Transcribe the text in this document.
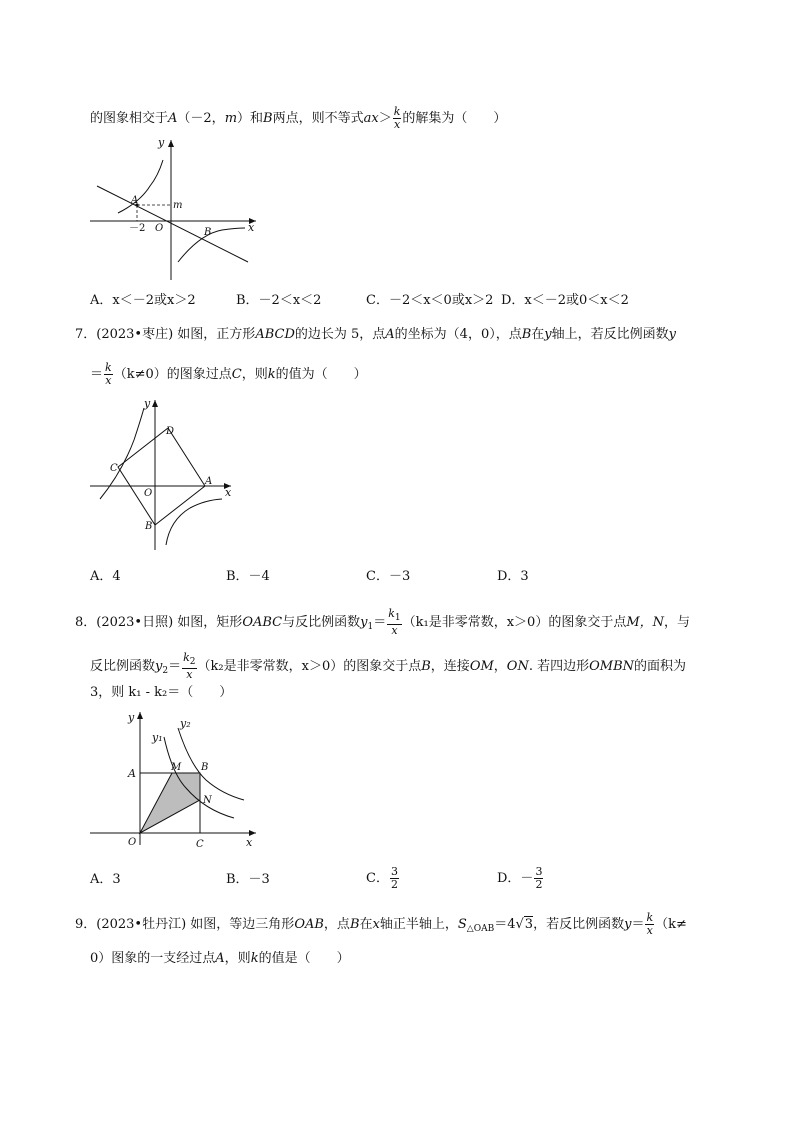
的图象相交于A（－2，m）和B两点，则不等式$ax> \frac{k}{x}$ 的解集为（　　）
y
x
A	m
－2 O	B
A．x＜－2或x＞2	B．－2＜x＜2	C．－2＜x＜0或x＞2 D．x＜－2或0＜x＜2
7．(2023•枣庄) 如图，正方形ABCD的边长为 5，点A的坐标为（4，0），点B在y轴上，若反比例函数y
＝ $\frac{k}{x} (k\ne 0)$的图象过点C，则k的值为（　　）
y
x
D
C
A
O
B
A．4	B．－4	C．－3	D．3
8．(2023•日照) 如图，矩形OABC与反比例函数$y_1= \frac{k_1}{x} (k_1$是非零常数，x＞0）的图象交于点M，N，与
反比例函数$y_2= \frac{k_2}{x} (k_2$是非零常数，x＞0）的图象交于点B，连接OM，ON. 若四边形OMBN的面积为
3，则 k₁ - k₂＝（　　）
y
x
y₁
y₂
A	M B
N
O	C
A．3	B．－3	C． $\frac{3}{2}$	D．－ $\frac{3}{2}$
9．(2023•牡丹江) 如图，等边三角形OAB，点B在x轴正半轴上，$S_{\triangle OAB}=4√3$，若反比例函数$y= \frac{k}{x} (k\ne$
0）图象的一支经过点A，则k的值是（　　）
